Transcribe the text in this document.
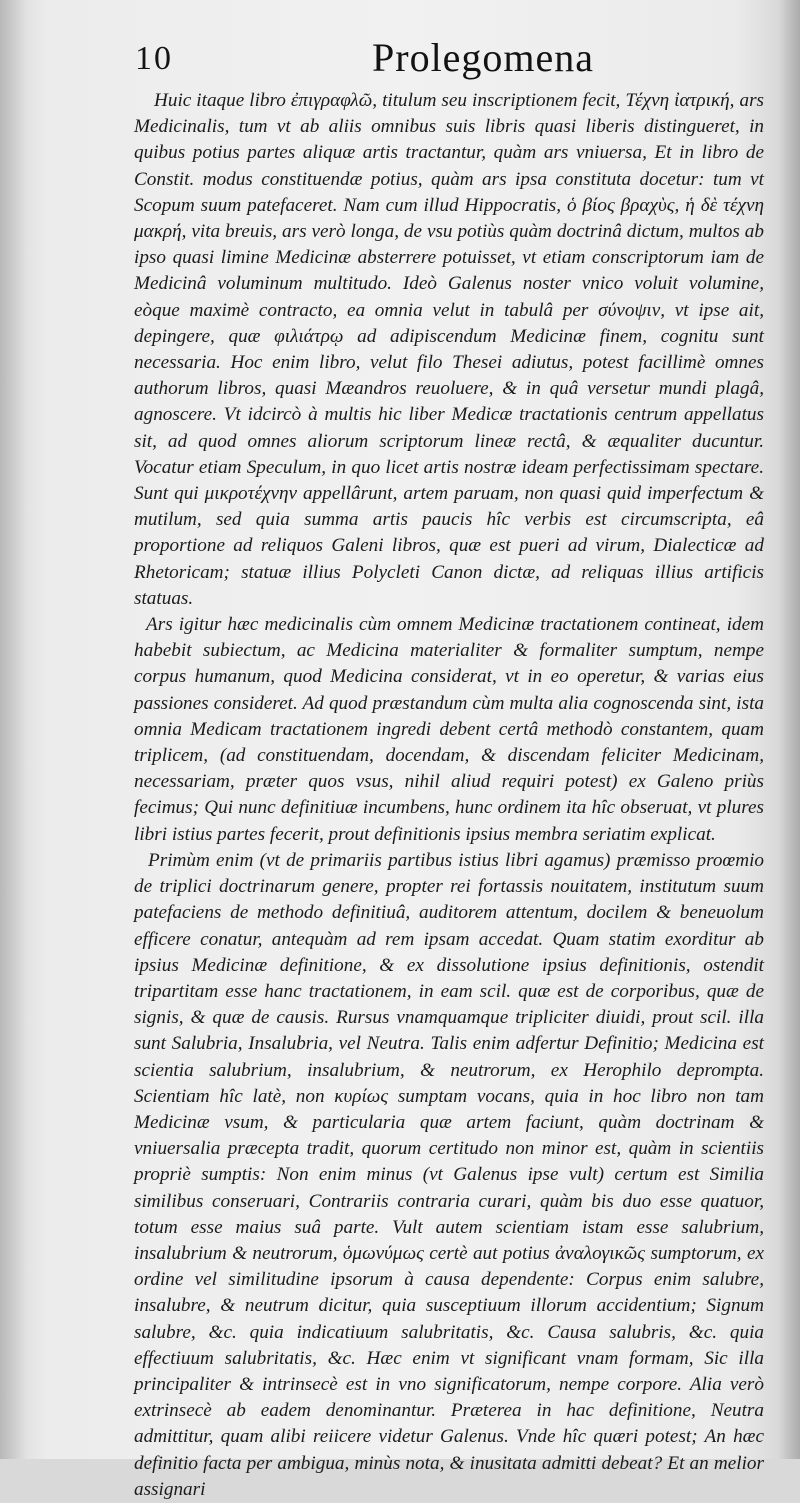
10	Prolegomena

Huic itaque libro ἐπιγραφλῶ, titulum seu inscriptionem fecit, Τέχνη ἰατρική, ars Medicinalis, tum vt ab aliis omnibus suis libris quasi liberis distingueret, in quibus potius partes aliquæ artis tractantur, quàm ars vniuersa, Et in libro de Constit. modus constituendæ potius, quàm ars ipsa constituta docetur: tum vt Scopum suum patefaceret. Nam cum illud Hippocratis, ὁ βίος βραχὺς, ἡ δὲ τέχνη μακρή, vita breuis, ars verò longa, de vsu potiùs quàm doctrinâ dictum, multos ab ipso quasi limine Medicinæ absterrere potuisset, vt etiam conscriptorum iam de Medicinâ voluminum multitudo. Ideò Galenus noster vnico voluit volumine, eòque maximè contracto, ea omnia velut in tabulâ per σύνοψιν, vt ipse ait, depingere, quæ φιλιάτρῳ ad adipiscendum Medicinæ finem, cognitu sunt necessaria. Hoc enim libro, velut filo Thesei adiutus, potest facillimè omnes authorum libros, quasi Mæandros reuoluere, & in quâ versetur mundi plagâ, agnoscere. Vt idcircò à multis hic liber Medicæ tractationis centrum appellatus sit, ad quod omnes aliorum scriptorum lineæ rectâ, & æqualiter ducuntur. Vocatur etiam Speculum, in quo licet artis nostræ ideam perfectissimam spectare. Sunt qui μικροτέχνην appellârunt, artem paruam, non quasi quid imperfectum & mutilum, sed quia summa artis paucis hîc verbis est circumscripta, eâ proportione ad reliquos Galeni libros, quæ est pueri ad virum, Dialecticæ ad Rhetoricam; statuæ illius Polycleti Canon dictæ, ad reliquas illius artificis statuas.

Ars igitur hæc medicinalis cùm omnem Medicinæ tractationem contineat, idem habebit subiectum, ac Medicina materialiter & formaliter sumptum, nempe corpus humanum, quod Medicina considerat, vt in eo operetur, & varias eius passiones consideret. Ad quod præstandum cùm multa alia cognoscenda sint, ista omnia Medicam tractationem ingredi debent certâ methodò constantem, quam triplicem, (ad constituendam, docendam, & discendam feliciter Medicinam, necessariam, præter quos vsus, nihil aliud requiri potest) ex Galeno priùs fecimus; Qui nunc definitiuæ incumbens, hunc ordinem ita hîc obseruat, vt plures libri istius partes fecerit, prout definitionis ipsius membra seriatim explicat.

Primùm enim (vt de primariis partibus istius libri agamus) præmisso proœmio de triplici doctrinarum genere, propter rei fortassis nouitatem, institutum suum patefaciens de methodo definitiuâ, auditorem attentum, docilem & beneuolum efficere conatur, antequàm ad rem ipsam accedat. Quam statim exorditur ab ipsius Medicinæ definitione, & ex dissolutione ipsius definitionis, ostendit tripartitam esse hanc tractationem, in eam scil. quæ est de corporibus, quæ de signis, & quæ de causis. Rursus vnamquamque tripliciter diuidi, prout scil. illa sunt Salubria, Insalubria, vel Neutra. Talis enim adfertur Definitio; Medicina est scientia salubrium, insalubrium, & neutrorum, ex Herophilo deprompta. Scientiam hîc latè, non κυρίως sumptam vocans, quia in hoc libro non tam Medicinæ vsum, & particularia quæ artem faciunt, quàm doctrinam & vniuersalia præcepta tradit, quorum certitudo non minor est, quàm in scientiis propriè sumptis: Non enim minus (vt Galenus ipse vult) certum est Similia similibus conseruari, Contrariis contraria curari, quàm bis duo esse quatuor, totum esse maius suâ parte. Vult autem scientiam istam esse salubrium, insalubrium & neutrorum, ὁμωνύμως certè aut potius ἀναλογικῶς sumptorum, ex ordine vel similitudine ipsorum à causa dependente: Corpus enim salubre, insalubre, & neutrum dicitur, quia susceptiuum illorum accidentium; Signum salubre, &c. quia indicatiuum salubritatis, &c. Causa salubris, &c. quia effectiuum salubritatis, &c. Hæc enim vt significant vnam formam, Sic illa principaliter & intrinsecè est in vno significatorum, nempe corpore. Alia verò extrinsecè ab eadem denominantur. Præterea in hac definitione, Neutra admittitur, quam alibi reiicere videtur Galenus. Vnde hîc quæri potest; An hæc definitio facta per ambigua, minùs nota, & inusitata admitti debeat? Et an melior assignari
